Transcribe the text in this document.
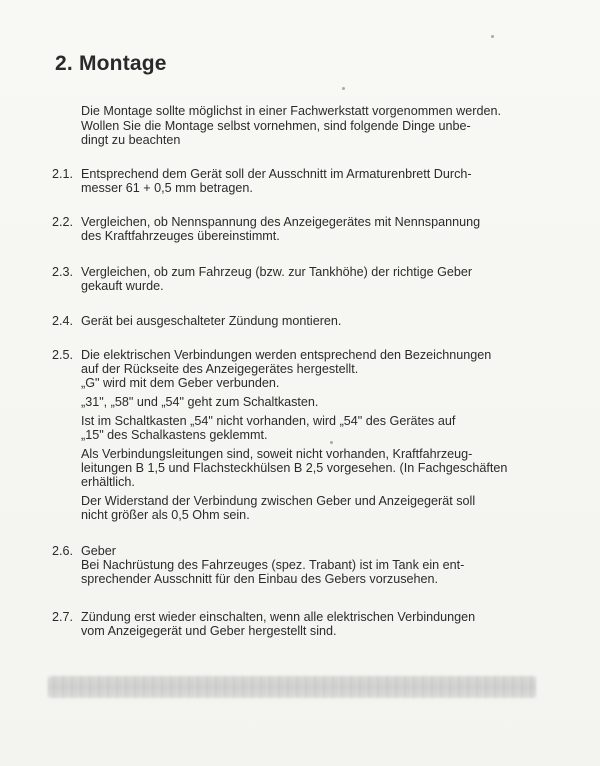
2. Montage
Die Montage sollte möglichst in einer Fachwerkstatt vorgenommen werden.
Wollen Sie die Montage selbst vornehmen, sind folgende Dinge unbe-
dingt zu beachten
2.1. Entsprechend dem Gerät soll der Ausschnitt im Armaturenbrett Durch-
messer 61 + 0,5 mm betragen.
2.2. Vergleichen, ob Nennspannung des Anzeigegerätes mit Nennspannung
des Kraftfahrzeuges übereinstimmt.
2.3. Vergleichen, ob zum Fahrzeug (bzw. zur Tankhöhe) der richtige Geber
gekauft wurde.
2.4. Gerät bei ausgeschalteter Zündung montieren.
2.5. Die elektrischen Verbindungen werden entsprechend den Bezeichnungen
auf der Rückseite des Anzeigegerätes hergestellt.
„G" wird mit dem Geber verbunden.
„31", „58" und „54" geht zum Schaltkasten.
Ist im Schaltkasten „54" nicht vorhanden, wird „54" des Gerätes auf
„15" des Schalkastens geklemmt.
Als Verbindungsleitungen sind, soweit nicht vorhanden, Kraftfahrzeug-
leitungen B 1,5 und Flachsteckhülsen B 2,5 vorgesehen. (In Fachgeschäften
erhältlich.
Der Widerstand der Verbindung zwischen Geber und Anzeigegerät soll
nicht größer als 0,5 Ohm sein.
2.6. Geber
Bei Nachrüstung des Fahrzeuges (spez. Trabant) ist im Tank ein ent-
sprechender Ausschnitt für den Einbau des Gebers vorzusehen.
2.7. Zündung erst wieder einschalten, wenn alle elektrischen Verbindungen
vom Anzeigegerät und Geber hergestellt sind.
